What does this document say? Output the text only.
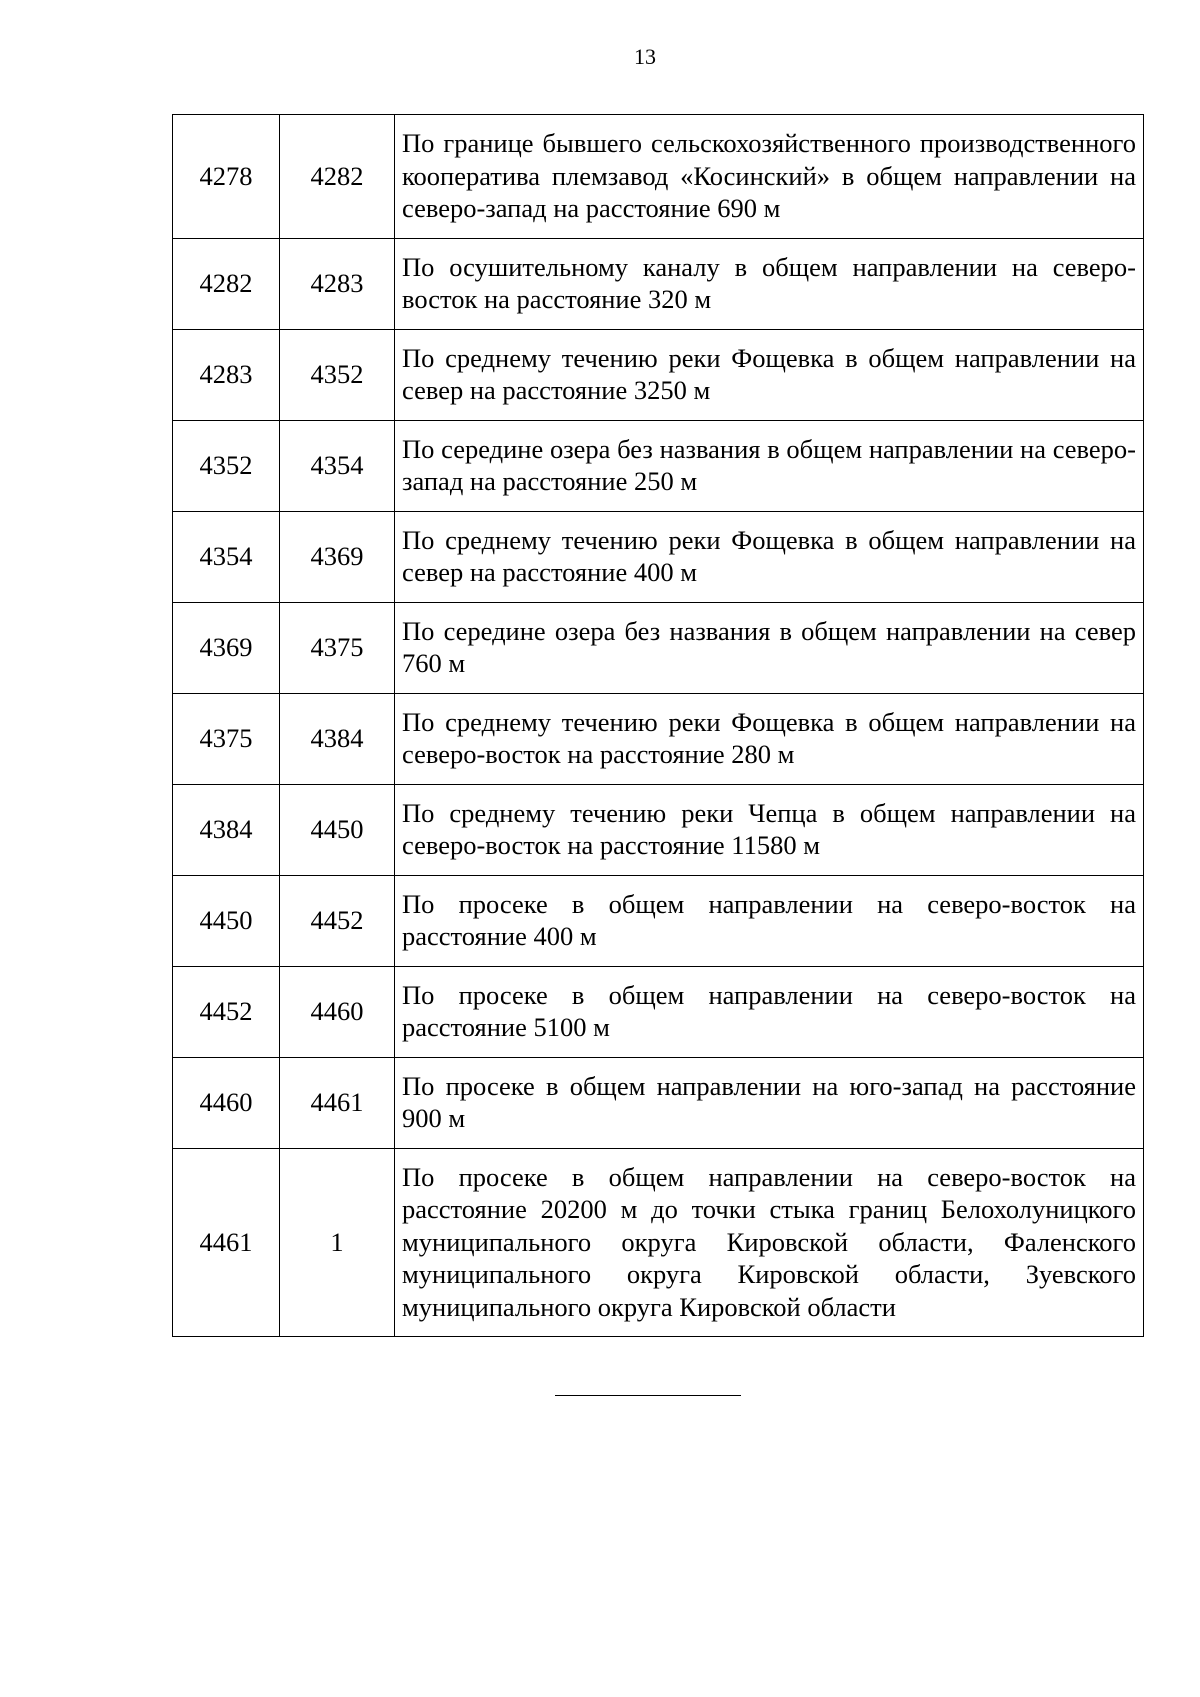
13
4278	4282	По границе бывшего сельскохозяйственного производственного кооператива племзавод «Косинский» в общем направлении на северо-запад на расстояние 690 м
4282	4283	По осушительному каналу в общем направлении на северо-восток на расстояние 320 м
4283	4352	По среднему течению реки Фощевка в общем направлении на север на расстояние 3250 м
4352	4354	По середине озера без названия в общем направлении на северо-запад на расстояние 250 м
4354	4369	По среднему течению реки Фощевка в общем направлении на север на расстояние 400 м
4369	4375	По середине озера без названия в общем направлении на север 760 м
4375	4384	По среднему течению реки Фощевка в общем направлении на северо-восток на расстояние 280 м
4384	4450	По среднему течению реки Чепца в общем направлении на северо-восток на расстояние 11580 м
4450	4452	По просеке в общем направлении на северо-восток на расстояние 400 м
4452	4460	По просеке в общем направлении на северо-восток на расстояние 5100 м
4460	4461	По просеке в общем направлении на юго-запад на расстояние 900 м
4461	1	По просеке в общем направлении на северо-восток на расстояние 20200 м до точки стыка границ Белохолуницкого муниципального округа Кировской области, Фаленского муниципального округа Кировской области, Зуевского муниципального округа Кировской области
